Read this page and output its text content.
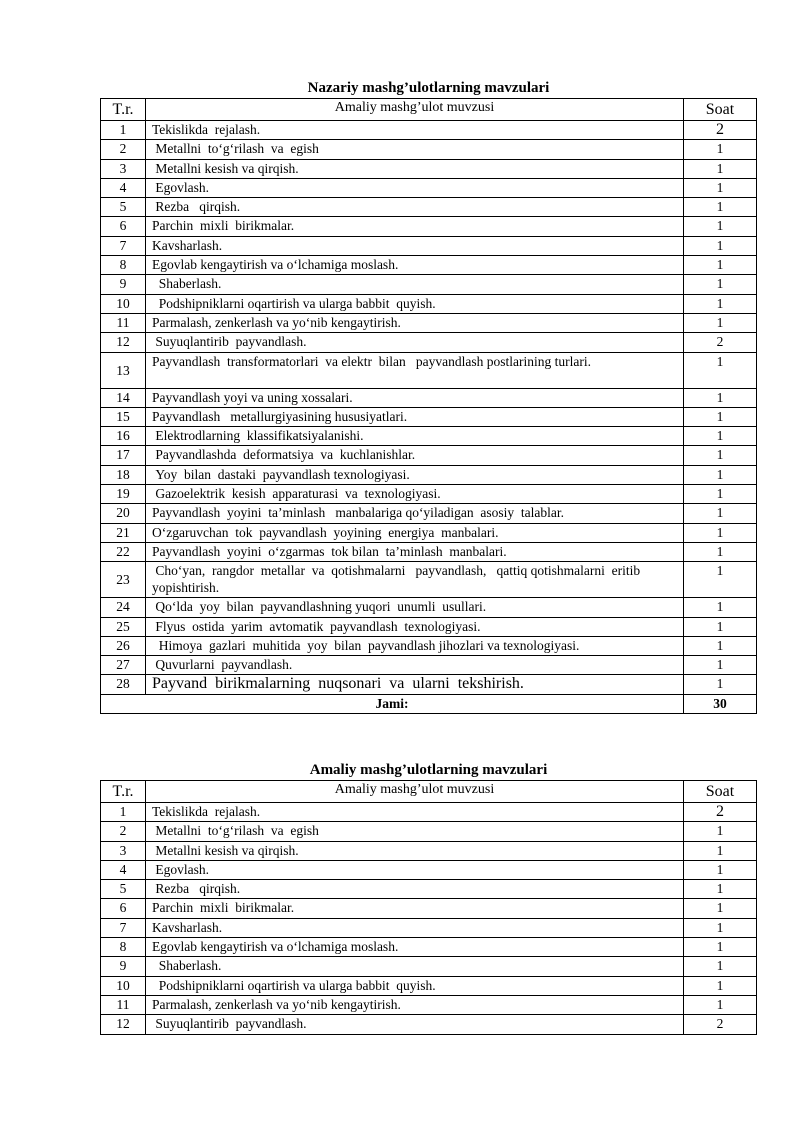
Nazariy mashg’ulotlarning mavzulari
T.r.	Amaliy mashg’ulot muvzusi	Soat
1	Tekislikda  rejalash.	2
2	Metallni  to‘g‘rilash  va  egish	1
3	Metallni kesish va qirqish.	1
4	Egovlash.	1
5	Rezba   qirqish.	1
6	Parchin  mixli  birikmalar.	1
7	Kavsharlash.	1
8	Egovlab kengaytirish va o‘lchamiga moslash.	1
9	Shaberlash.	1
10	Podshipniklarni oqartirish va ularga babbit  quyish.	1
11	Parmalash, zenkerlash va yo‘nib kengaytirish.	1
12	Suyuqlantirib  payvandlash.	2
13	Payvandlash  transformatorlari  va elektr  bilan   payvandlash postlarining turlari.	1
14	Payvandlash yoyi va uning xossalari.	1
15	Payvandlash   metallurgiyasining hususiyatlari.	1
16	Elektrodlarning  klassifikatsiyalanishi.	1
17	Payvandlashda  deformatsiya  va  kuchlanishlar.	1
18	Yoy  bilan  dastaki  payvandlash texnologiyasi.	1
19	Gazoelektrik  kesish  apparaturasi  va  texnologiyasi.	1
20	Payvandlash  yoyini  ta’minlash   manbalariga qo‘yiladigan  asosiy  talablar.	1
21	O‘zgaruvchan  tok  payvandlash  yoyining  energiya  manbalari.	1
22	Payvandlash  yoyini  o‘zgarmas  tok bilan  ta’minlash  manbalari.	1
23	Cho‘yan,  rangdor  metallar  va  qotishmalarni   payvandlash,   qattiq qotishmalarni  eritib  yopishtirish.	1
24	Qo‘lda  yoy  bilan  payvandlashning yuqori  unumli  usullari.	1
25	Flyus  ostida  yarim  avtomatik  payvandlash  texnologiyasi.	1
26	Himoya  gazlari  muhitida  yoy  bilan  payvandlash jihozlari va texnologiyasi.	1
27	Quvurlarni  payvandlash.	1
28	Payvand  birikmalarning  nuqsonari  va  ularni  tekshirish.	1
Jami:		30
Amaliy mashg’ulotlarning mavzulari
T.r.	Amaliy mashg’ulot muvzusi	Soat
1	Tekislikda  rejalash.	2
2	Metallni  to‘g‘rilash  va  egish	1
3	Metallni kesish va qirqish.	1
4	Egovlash.	1
5	Rezba   qirqish.	1
6	Parchin  mixli  birikmalar.	1
7	Kavsharlash.	1
8	Egovlab kengaytirish va o‘lchamiga moslash.	1
9	Shaberlash.	1
10	Podshipniklarni oqartirish va ularga babbit  quyish.	1
11	Parmalash, zenkerlash va yo‘nib kengaytirish.	1
12	Suyuqlantirib  payvandlash.	2
